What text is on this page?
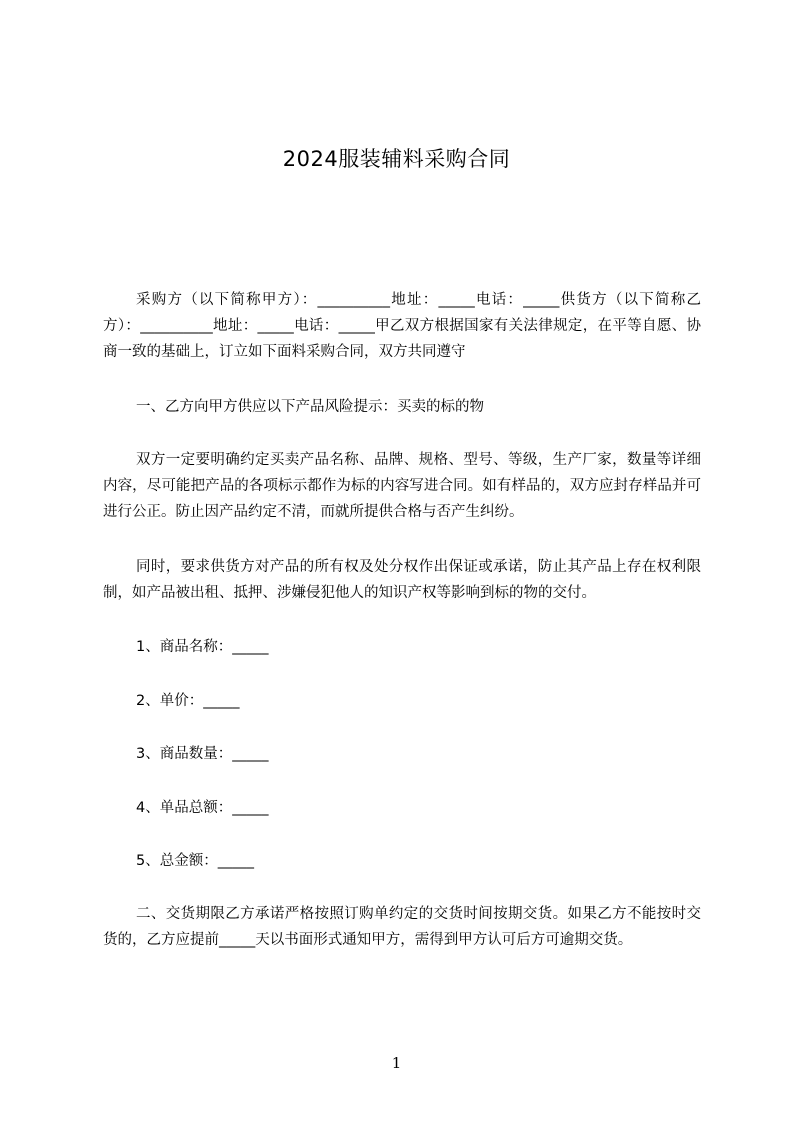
2024服装辅料采购合同

采购方（以下简称甲方）：__________地址：_____电话：_____供货方（以下简称乙方）：__________地址：_____电话：_____甲乙双方根据国家有关法律规定，在平等自愿、协商一致的基础上，订立如下面料采购合同，双方共同遵守

一、乙方向甲方供应以下产品风险提示：买卖的标的物

双方一定要明确约定买卖产品名称、品牌、规格、型号、等级，生产厂家，数量等详细内容，尽可能把产品的各项标示都作为标的内容写进合同。如有样品的，双方应封存样品并可进行公正。防止因产品约定不清，而就所提供合格与否产生纠纷。

同时，要求供货方对产品的所有权及处分权作出保证或承诺，防止其产品上存在权利限制，如产品被出租、抵押、涉嫌侵犯他人的知识产权等影响到标的物的交付。

1、商品名称：_____

2、单价：_____

3、商品数量：_____

4、单品总额：_____

5、总金额：_____

二、交货期限乙方承诺严格按照订购单约定的交货时间按期交货。如果乙方不能按时交货的，乙方应提前_____天以书面形式通知甲方，需得到甲方认可后方可逾期交货。

1
